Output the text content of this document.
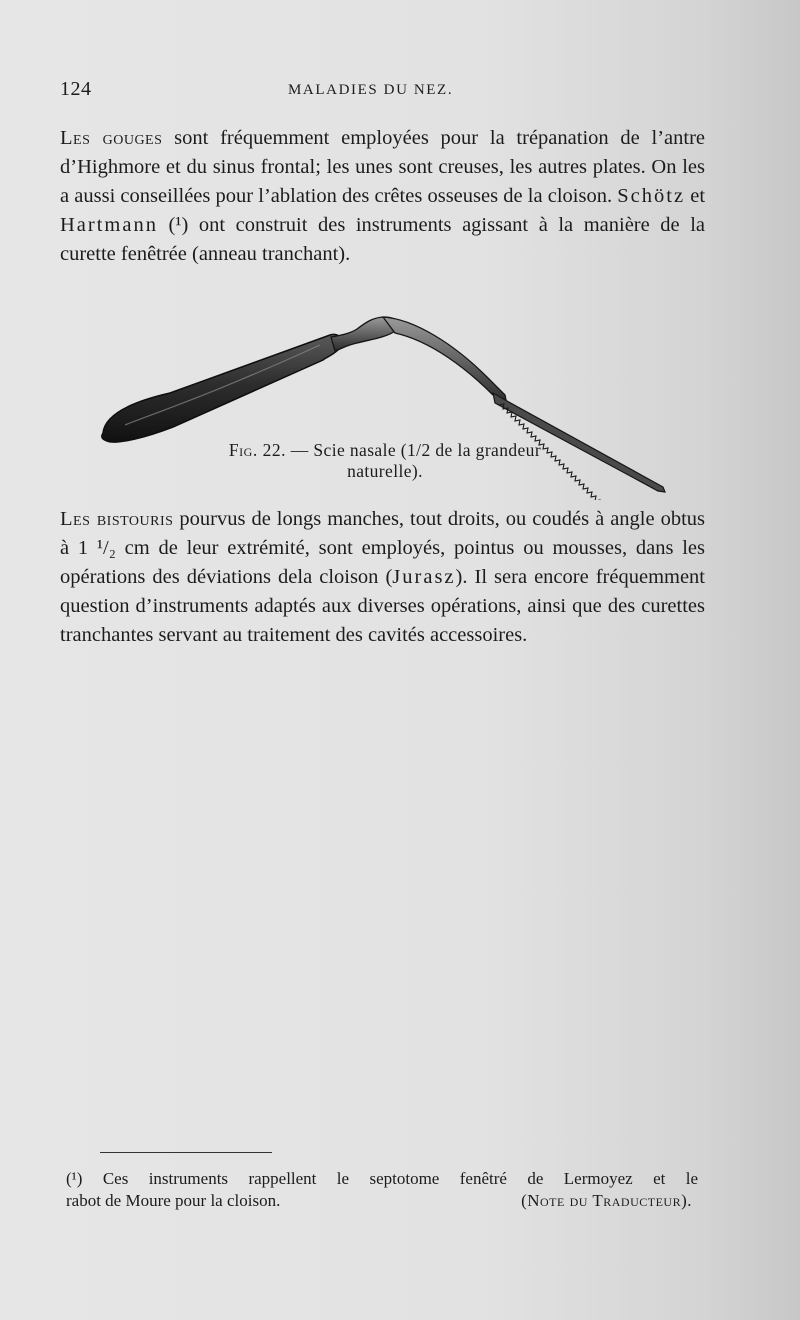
124	MALADIES DU NEZ.

Les gouges sont fréquemment employées pour la trépanation de l’antre d’Highmore et du sinus frontal; les unes sont creuses, les autres plates. On les a aussi conseillées pour l’ablation des crêtes osseuses de la cloison. Schötz et Hartmann (¹) ont construit des instruments agissant à la manière de la curette fenêtrée (anneau tranchant).

Fig. 22. — Scie nasale (1/2 de la grandeur naturelle).

Les bistouris pourvus de longs manches, tout droits, ou coudés à angle obtus à 1 ¹/₂ cm de leur extrémité, sont employés, pointus ou mousses, dans les opérations des déviations dela cloison (Jurasz). Il sera encore fréquemment question d’instruments adaptés aux diverses opérations, ainsi que des curettes tranchantes servant au traitement des cavités accessoires.

(¹) Ces instruments rappellent le septotome fenêtré de Lermoyez et le
rabot de Moure pour la cloison.	(Note du Traducteur).
